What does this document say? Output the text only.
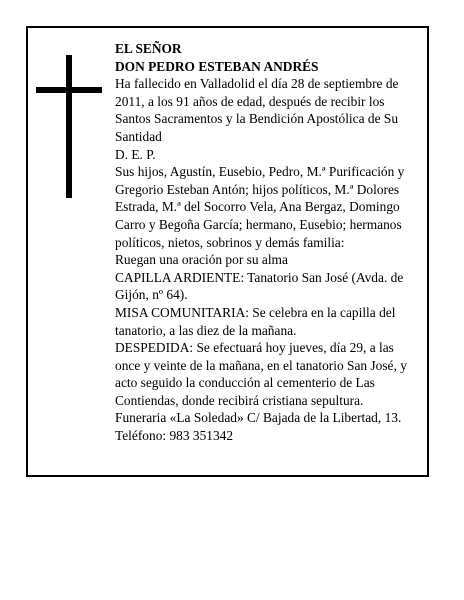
EL SEÑOR

DON PEDRO ESTEBAN ANDRÉS

Ha fallecido en Valladolid el día 28 de septiembre de 2011, a los 91 años de edad, después de recibir los Santos Sacramentos y la Bendición Apostólica de Su Santidad

D. E. P.

Sus hijos, Agustín, Eusebio, Pedro, M.ª Purificación y Gregorio Esteban Antón; hijos políticos, M.ª Dolores Estrada, M.ª del Socorro Vela, Ana Bergaz, Domingo Carro y Begoña García; hermano, Eusebio; hermanos políticos, nietos, sobrinos y demás familia:

Ruegan una oración por su alma

CAPILLA ARDIENTE: Tanatorio San José (Avda. de Gijón, nº 64).

MISA COMUNITARIA: Se celebra en la capilla del tanatorio, a las diez de la mañana.

DESPEDIDA: Se efectuará hoy jueves, día 29, a las once y veinte de la mañana, en el tanatorio San José, y acto seguido la conducción al cementerio de Las Contiendas, donde recibirá cristiana sepultura.

Funeraria «La Soledad» C/ Bajada de la Libertad, 13. Teléfono: 983 351342
